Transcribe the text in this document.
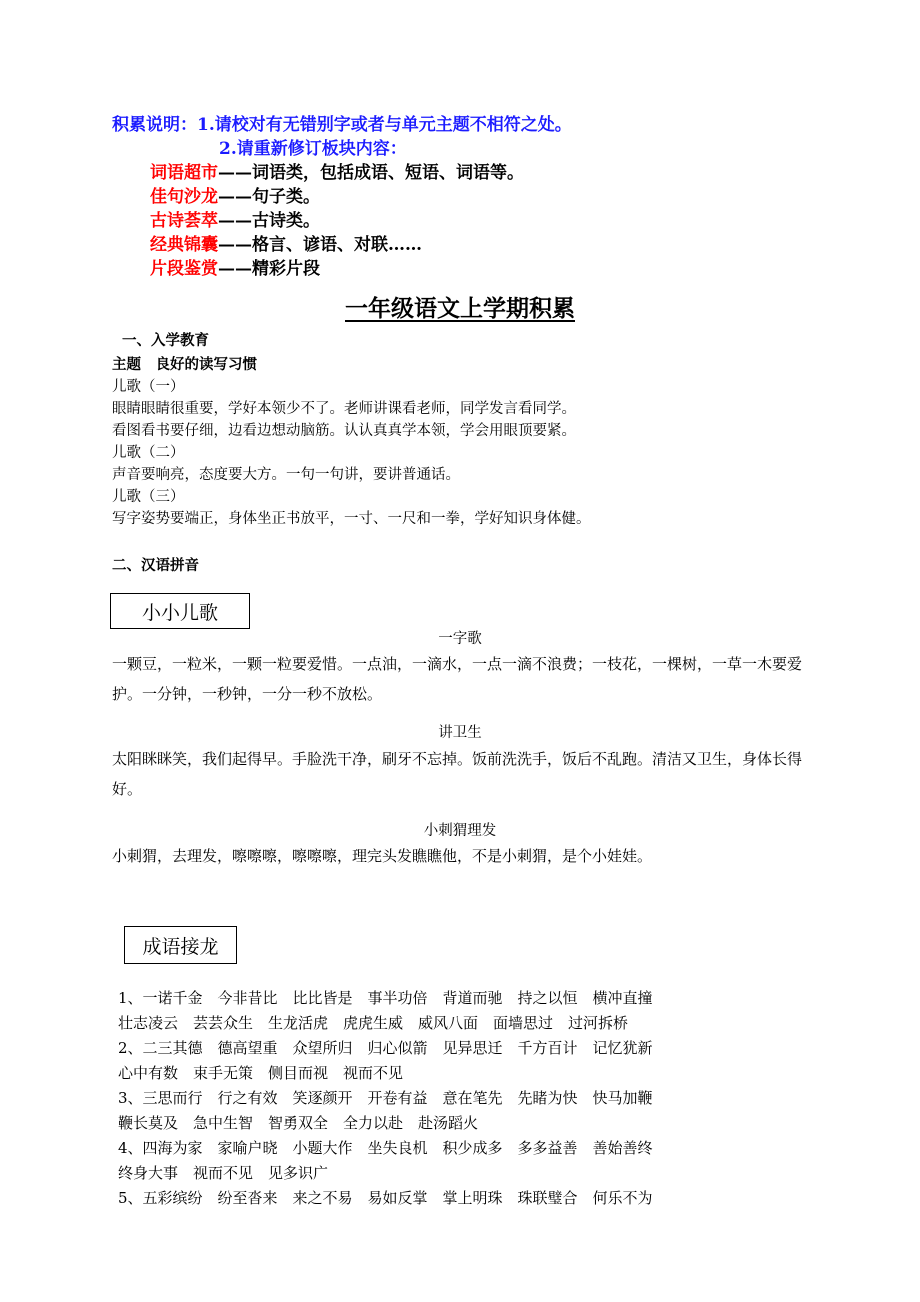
积累说明：1.请校对有无错别字或者与单元主题不相符之处。
2.请重新修订板块内容：
词语超市——词语类，包括成语、短语、词语等。
佳句沙龙——句子类。
古诗荟萃——古诗类。
经典锦囊——格言、谚语、对联……
片段鉴赏——精彩片段
一年级语文上学期积累
一、入学教育
主题　良好的读写习惯
儿歌（一）
眼睛眼睛很重要，学好本领少不了。老师讲课看老师，同学发言看同学。
看图看书要仔细，边看边想动脑筋。认认真真学本领，学会用眼顶要紧。
儿歌（二）
声音要响亮，态度要大方。一句一句讲，要讲普通话。
儿歌（三）
写字姿势要端正，身体坐正书放平，一寸、一尺和一拳，学好知识身体健。
二、汉语拼音
小小儿歌
一字歌
一颗豆，一粒米，一颗一粒要爱惜。一点油，一滴水，一点一滴不浪费；一枝花，一棵树，一草一木要爱护。一分钟，一秒钟，一分一秒不放松。
讲卫生
太阳眯眯笑，我们起得早。手脸洗干净，刷牙不忘掉。饭前洗洗手，饭后不乱跑。清洁又卫生，身体长得好。
小刺猬理发
小刺猬，去理发，嚓嚓嚓，嚓嚓嚓，理完头发瞧瞧他，不是小刺猬，是个小娃娃。
成语接龙
1、一诺千金　今非昔比　比比皆是　事半功倍　背道而驰　持之以恒　横冲直撞
壮志凌云　芸芸众生　生龙活虎　虎虎生威　威风八面　面墙思过　过河拆桥
2、二三其德　德高望重　众望所归　归心似箭　见异思迁　千方百计　记忆犹新
心中有数　束手无策　侧目而视　视而不见
3、三思而行　行之有效　笑逐颜开　开卷有益　意在笔先　先睹为快　快马加鞭
鞭长莫及　急中生智　智勇双全　全力以赴　赴汤蹈火
4、四海为家　家喻户晓　小题大作　坐失良机　积少成多　多多益善　善始善终
终身大事　视而不见　见多识广
5、五彩缤纷　纷至沓来　来之不易　易如反掌　掌上明珠　珠联璧合　何乐不为
